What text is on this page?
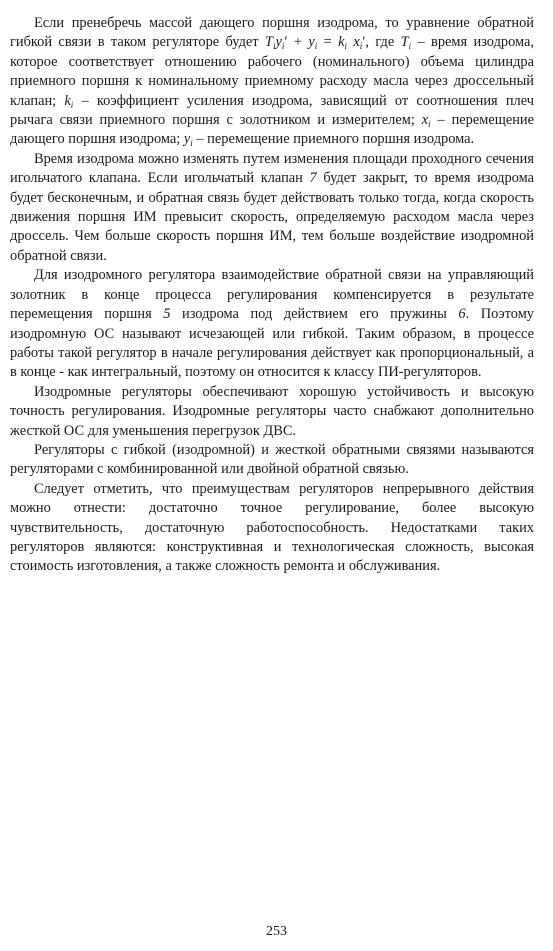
Если пренебречь массой дающего поршня изодрома, то уравнение обратной гибкой связи в таком регуляторе будет $T_iy_i' + y_i = k_i$ $x_i'$, где $T_i$ – время изодрома, которое соответствует отношению рабочего (номинального) объема цилиндра приемного поршня к номинальному приемному расходу масла через дроссельный клапан; $k_i$ – коэффициент усиления изодрома, зависящий от соотношения плеч рычага связи приемного поршня с золотником и измерителем; $x_i$ – перемещение дающего поршня изодрома; $y_i$ – перемещение приемного поршня изодрома.

Время изодрома можно изменять путем изменения площади проходного сечения игольчатого клапана. Если игольчатый клапан 7 будет закрыт, то время изодрома будет бесконечным, и обратная связь будет действовать только тогда, когда скорость движения поршня ИМ превысит скорость, определяемую расходом масла через дроссель. Чем больше скорость поршня ИМ, тем больше воздействие изодромной обратной связи.

Для изодромного регулятора взаимодействие обратной связи на управляющий золотник в конце процесса регулирования компенсируется в результате перемещения поршня 5 изодрома под действием его пружины 6. Поэтому изодромную ОС называют исчезающей или гибкой. Таким образом, в процессе работы такой регулятор в начале регулирования действует как пропорциональный, а в конце - как интегральный, поэтому он относится к классу ПИ-регуляторов.

Изодромные регуляторы обеспечивают хорошую устойчивость и высокую точность регулирования. Изодромные регуляторы часто снабжают дополнительно жесткой ОС для уменьшения перегрузок ДВС.

Регуляторы с гибкой (изодромной) и жесткой обратными связями называются регуляторами с комбинированной или двойной обратной связью.

Следует отметить, что преимуществам регуляторов непрерывного действия можно отнести: достаточно точное регулирование, более высокую чувствительность, достаточную работоспособность. Недостатками таких регуляторов являются: конструктивная и технологическая сложность, высокая стоимость изготовления, а также сложность ремонта и обслуживания.

253
